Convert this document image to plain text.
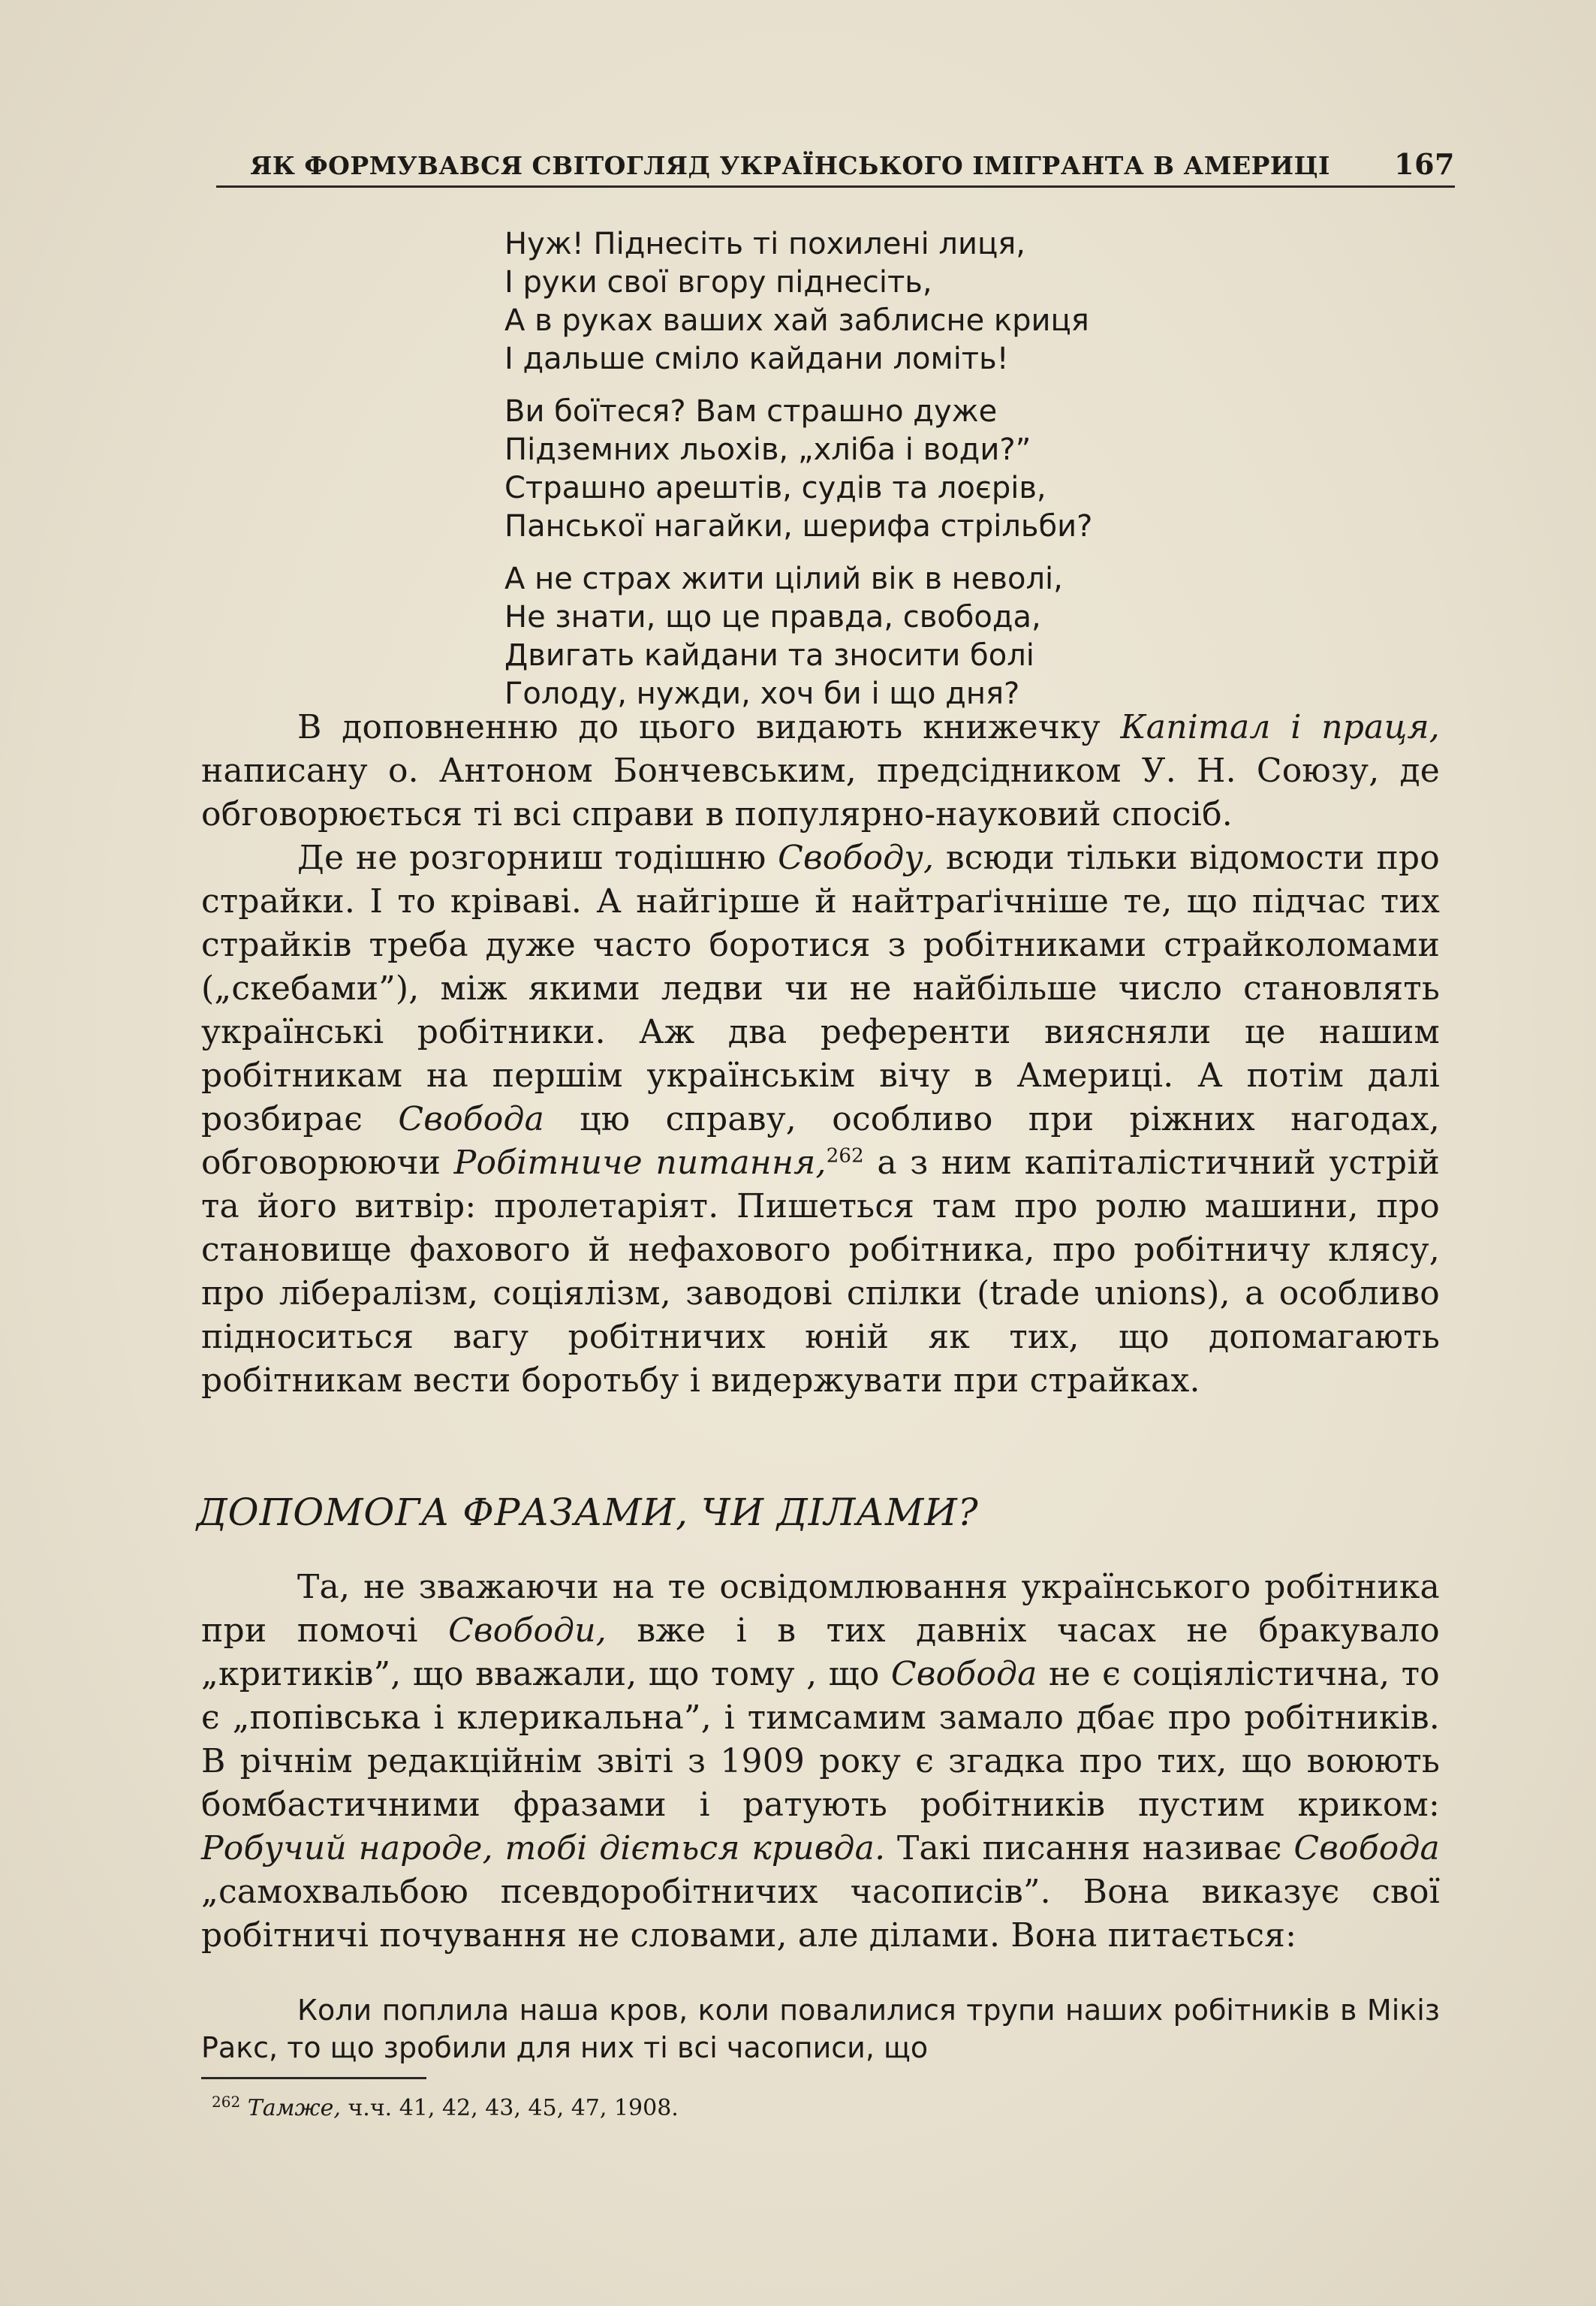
ЯК ФОРМУВАВСЯ СВІТОГЛЯД УКРАЇНСЬКОГО ІМІГРАНТА В АМЕРИЦІ	167
Нуж! Піднесіть ті похилені лиця,
І руки свої вгору піднесіть,
А в руках ваших хай заблисне криця
І дальше сміло кайдани ломіть!
Ви боїтеся? Вам страшно дуже
Підземних льохів, „хліба і води?”
Страшно арештів, судів та лоєрів,
Панської нагайки, шерифа стрільби?
А не страх жити цілий вік в неволі,
Не знати, що це правда, свобода,
Двигать кайдани та зносити болі
Голоду, нужди, хоч би і що дня?

В доповненню до цього видають книжечку Капітал і праця, написану о. Антоном Бончевським, предсідником У. Н. Союзу, де обговорюється ті всі справи в популярно-науковий спосіб.

Де не розгорниш тодішню Свободу, всюди тільки відомости про страйки. І то кріваві. А найгірше й найтраґічніше те, що підчас тих страйків треба дуже часто боротися з робітниками страйколомами („скебами”), між якими ледви чи не найбільше число становлять українські робітники. Аж два референти виясняли це нашим робітникам на першім українськім вічу в Америці. А потім далі розбирає Свобода цю справу, особливо при ріжних нагодах, обговорюючи Робітниче питання,$^{262}$ а з ним капіталістичний устрій та його витвір: пролетаріят. Пишеться там про ролю машини, про становище фахового й нефахового робітника, про робітничу клясу, про лібералізм, соціялізм, заводові спілки (trade unions), а особливо підноситься вагу робітничих юній як тих, що допомагають робітникам вести боротьбу і видержувати при страйках.

ДОПОМОГА ФРАЗАМИ, ЧИ ДІЛАМИ?

Та, не зважаючи на те освідомлювання українського робітника при помочі Свободи, вже і в тих давніх часах не бракувало „критиків”, що вважали, що тому , що Свобода не є соціялістична, то є „попівська і клерикальна”, і тимсамим замало дбає про робітників. В річнім редакційнім звіті з 1909 року є згадка про тих, що воюють бомбастичними фразами і ратують робітників пустим криком: Робучий народе, тобі діється кривда. Такі писання називає Свобода „самохвальбою псевдоробітничих часописів”. Вона виказує свої робітничі почування не словами, але ділами. Вона питається:

Коли поплила наша кров, коли повалилися трупи наших робітників в Мікіз Ракс, то що зробили для них ті всі часописи, що

$^{262}$ Тамже, ч.ч. 41, 42, 43, 45, 47, 1908.
